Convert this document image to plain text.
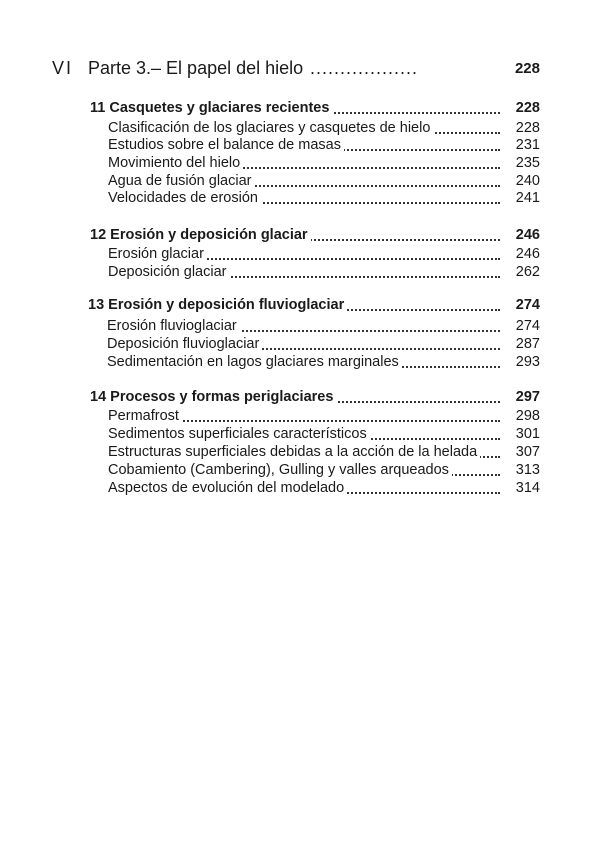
VI Parte 3.– El papel del hielo ..................	228
11 Casquetes y glaciares recientes	228
Clasificación de los glaciares y casquetes de hielo	228
Estudios sobre el balance de masas	231
Movimiento del hielo	235
Agua de fusión glaciar	240
Velocidades de erosión	241
12 Erosión y deposición glaciar	246
Erosión glaciar	246
Deposición glaciar	262
13 Erosión y deposición fluvioglaciar	274
Erosión fluvioglaciar	274
Deposición fluvioglaciar	287
Sedimentación en lagos glaciares marginales	293
14 Procesos y formas periglaciares	297
Permafrost	298
Sedimentos superficiales característicos	301
Estructuras superficiales debidas a la acción de la helada	307
Cobamiento (Cambering), Gulling y valles arqueados	313
Aspectos de evolución del modelado	314
